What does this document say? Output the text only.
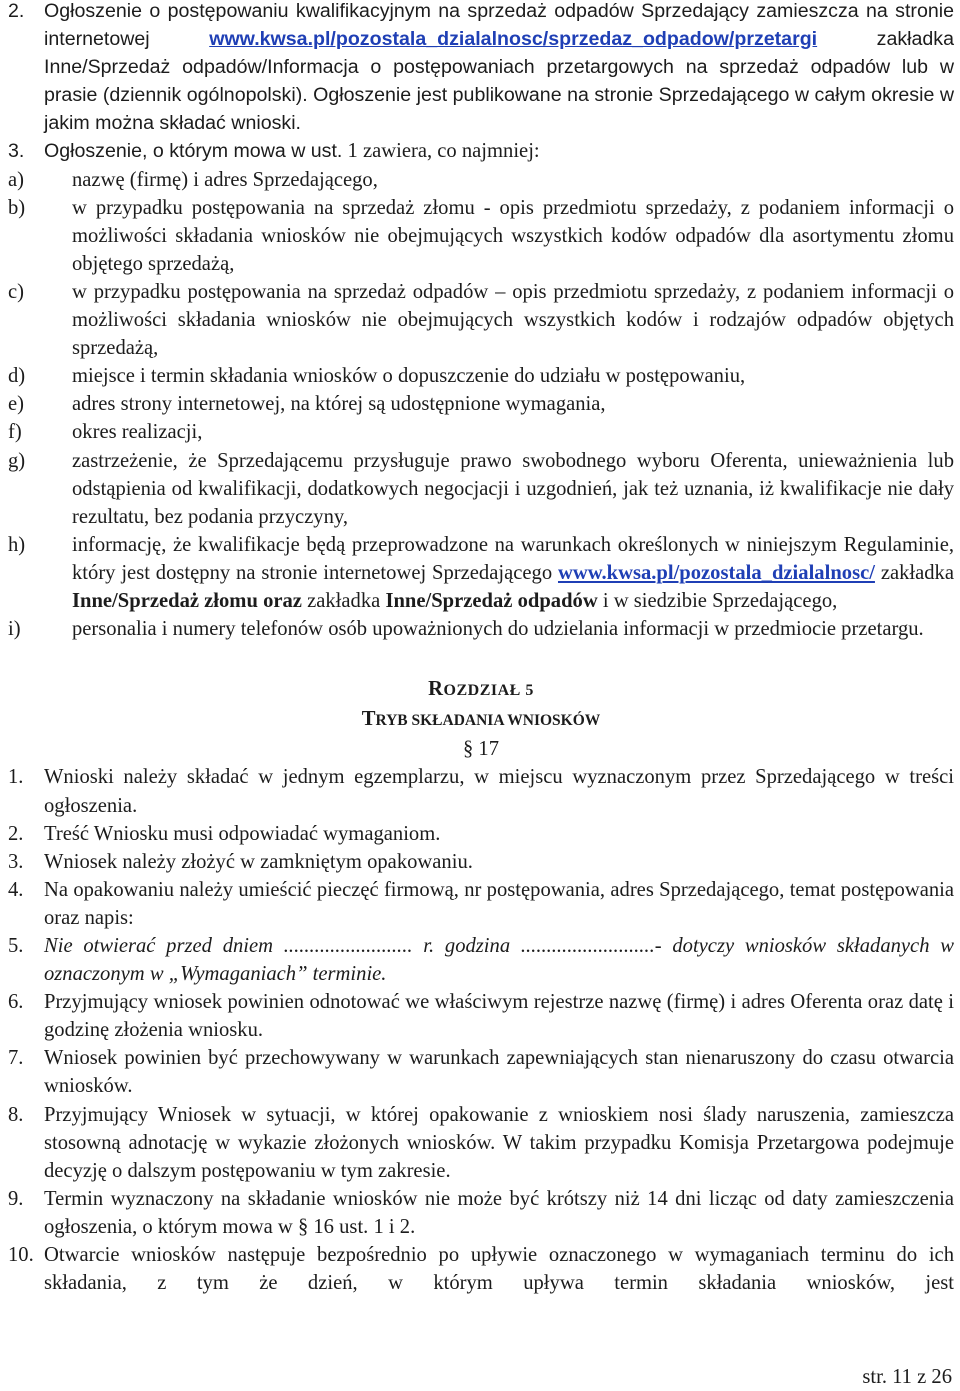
2. Ogłoszenie o postępowaniu kwalifikacyjnym na sprzedaż odpadów Sprzedający zamieszcza na stronie internetowej www.kwsa.pl/pozostala_dzialalnosc/sprzedaz_odpadow/przetargi zakładka Inne/Sprzedaż odpadów/Informacja o postępowaniach przetargowych na sprzedaż odpadów lub w prasie (dziennik ogólnopolski). Ogłoszenie jest publikowane na stronie Sprzedającego w całym okresie w jakim można składać wnioski.
3. Ogłoszenie, o którym mowa w ust. 1 zawiera, co najmniej:
a) nazwę (firmę) i adres Sprzedającego,
b) w przypadku postępowania na sprzedaż złomu - opis przedmiotu sprzedaży, z podaniem informacji o możliwości składania wniosków nie obejmujących wszystkich kodów odpadów dla asortymentu złomu objętego sprzedażą,
c) w przypadku postępowania na sprzedaż odpadów – opis przedmiotu sprzedaży, z podaniem informacji o możliwości składania wniosków nie obejmujących wszystkich kodów i rodzajów odpadów objętych sprzedażą,
d) miejsce i termin składania wniosków o dopuszczenie do udziału w postępowaniu,
e) adres strony internetowej, na której są udostępnione wymagania,
f) okres realizacji,
g) zastrzeżenie, że Sprzedającemu przysługuje prawo swobodnego wyboru Oferenta, unieważnienia lub odstąpienia od kwalifikacji, dodatkowych negocjacji i uzgodnień, jak też uznania, iż kwalifikacje nie dały rezultatu, bez podania przyczyny,
h) informację, że kwalifikacje będą przeprowadzone na warunkach określonych w niniejszym Regulaminie, który jest dostępny na stronie internetowej Sprzedającego www.kwsa.pl/pozostala_dzialalnosc/ zakładka Inne/Sprzedaż złomu oraz zakładka Inne/Sprzedaż odpadów i w siedzibie Sprzedającego,
i) personalia i numery telefonów osób upoważnionych do udzielania informacji w przedmiocie przetargu.
ROZDZIAŁ 5
TRYB SKŁADANIA WNIOSKÓW
§ 17
1. Wnioski należy składać w jednym egzemplarzu, w miejscu wyznaczonym przez Sprzedającego w treści ogłoszenia.
2. Treść Wniosku musi odpowiadać wymaganiom.
3. Wniosek należy złożyć w zamkniętym opakowaniu.
4. Na opakowaniu należy umieścić pieczęć firmową, nr postępowania, adres Sprzedającego, temat postępowania oraz napis:
5. Nie otwierać przed dniem ......................... r. godzina ..........................- dotyczy wniosków składanych w oznaczonym w „Wymaganiach” terminie.
6. Przyjmujący wniosek powinien odnotować we właściwym rejestrze nazwę (firmę) i adres Oferenta oraz datę i godzinę złożenia wniosku.
7. Wniosek powinien być przechowywany w warunkach zapewniających stan nienaruszony do czasu otwarcia wniosków.
8. Przyjmujący Wniosek w sytuacji, w której opakowanie z wnioskiem nosi ślady naruszenia, zamieszcza stosowną adnotację w wykazie złożonych wniosków. W takim przypadku Komisja Przetargowa podejmuje decyzję o dalszym postępowaniu w tym zakresie.
9. Termin wyznaczony na składanie wniosków nie może być krótszy niż 14 dni licząc od daty zamieszczenia ogłoszenia, o którym mowa w § 16 ust. 1 i 2.
10. Otwarcie wniosków następuje bezpośrednio po upływie oznaczonego w wymaganiach terminu do ich składania, z tym że dzień, w którym upływa termin składania wniosków, jest
str. 11 z 26
